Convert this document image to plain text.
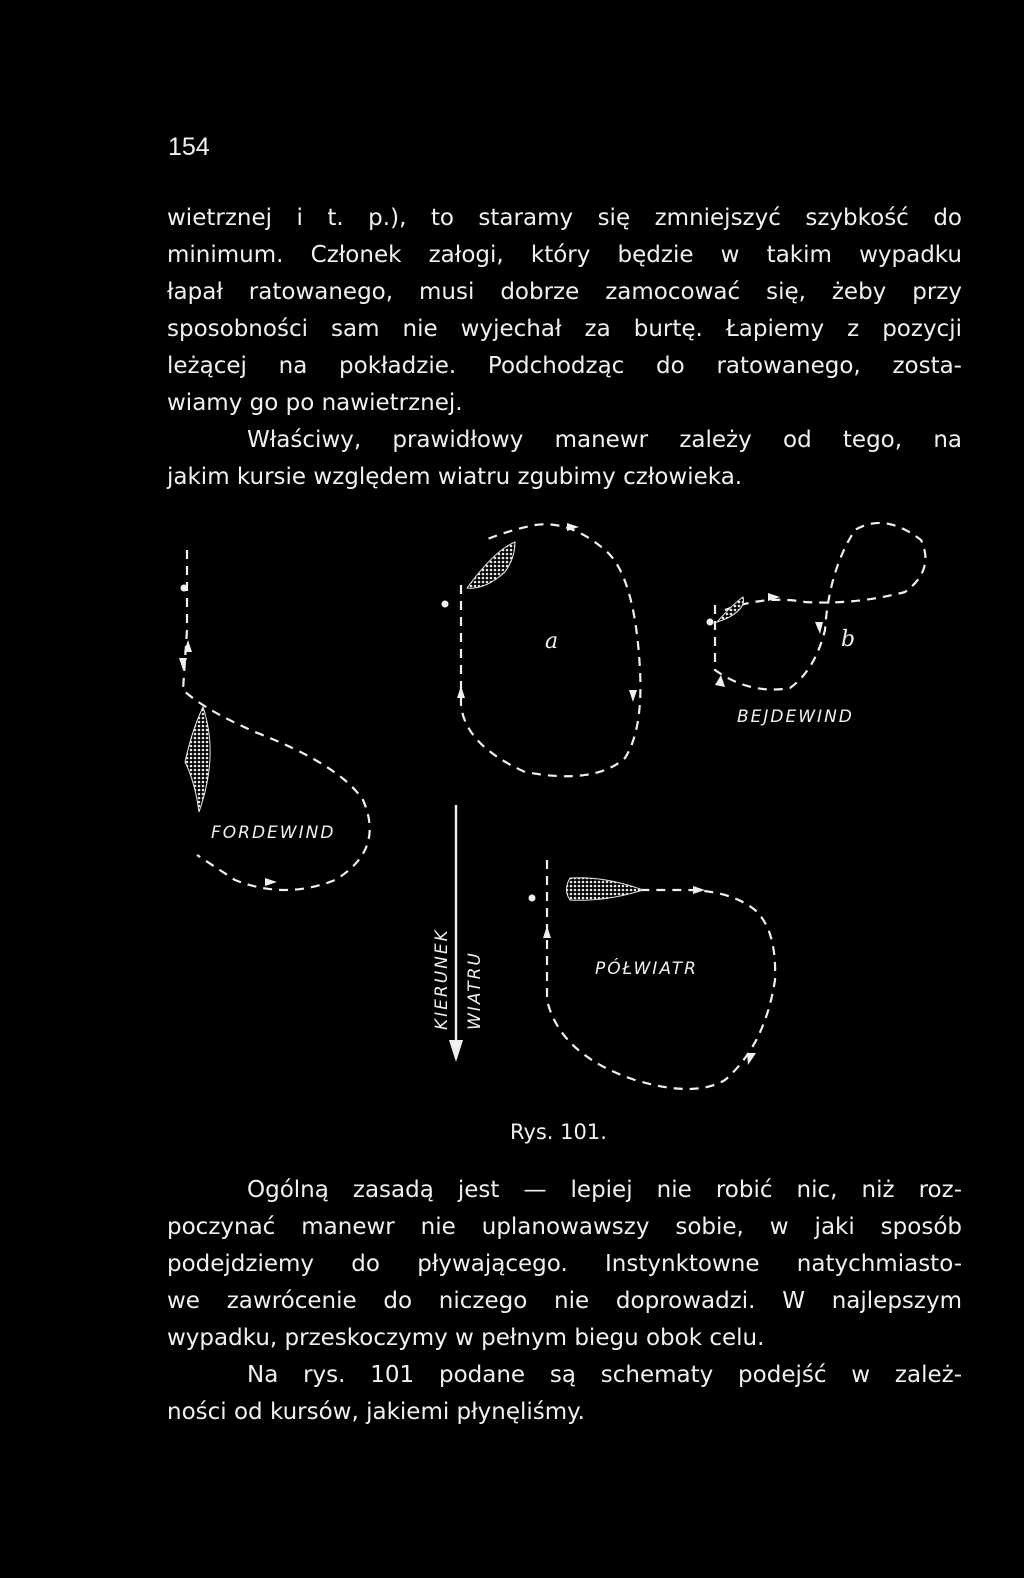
154
wietrznej i t. p.), to staramy się zmniejszyć szybkość do
minimum. Członek załogi, który będzie w takim wypadku
łapał ratowanego, musi dobrze zamocować się, żeby przy
sposobności sam nie wyjechał za burtę. Łapiemy z pozycji
leżącej na pokładzie. Podchodząc do ratowanego, zosta-
wiamy go po nawietrznej.
Właściwy, prawidłowy manewr zależy od tego, na
jakim kursie względem wiatru zgubimy człowieka.
FORDEWIND
a	b
BEJDEWIND
KIERUNEK WIATRU	PÓŁWIATR
Rys. 101.
Ogólną zasadą jest — lepiej nie robić nic, niż roz-
poczynać manewr nie uplanowawszy sobie, w jaki sposób
podejdziemy do pływającego. Instynktowne natychmiasto-
we zawrócenie do niczego nie doprowadzi. W najlepszym
wypadku, przeskoczymy w pełnym biegu obok celu.
Na rys. 101 podane są schematy podejść w zależ-
ności od kursów, jakiemi płynęliśmy.
